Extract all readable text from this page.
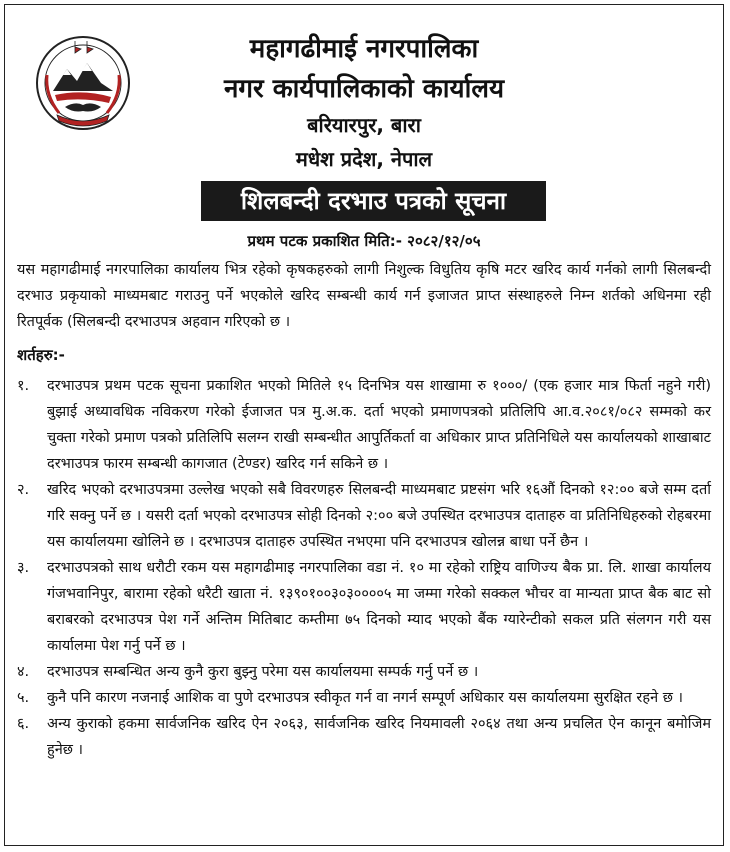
महागढीमाई नगरपालिका
नगर कार्यपालिकाको कार्यालय
बरियारपुर, बारा
मधेश प्रदेश, नेपाल
शिलबन्दी दरभाउ पत्रको सूचना
प्रथम पटक प्रकाशित मिति:- २०८२/१२/०५
यस महागढीमाई नगरपालिका कार्यालय भित्र रहेको कृषकहरुको लागी निशुल्क विधुतिय कृषि मटर खरिद कार्य गर्नको लागी सिलबन्दी दरभाउ प्रकृयाको माध्यमबाट गराउनु पर्ने भएकोले खरिद सम्बन्धी कार्य गर्न इजाजत प्राप्त संस्थाहरुले निम्न शर्तको अधिनमा रही रितपूर्वक (सिलबन्दी दरभाउपत्र अहवान गरिएको छ ।
शर्तहरु:-
१.	दरभाउपत्र प्रथम पटक सूचना प्रकाशित भएको मितिले १५ दिनभित्र यस शाखामा रु १०००/ (एक हजार मात्र फिर्ता नहुने गरी) बुझाई अध्यावधिक नविकरण गरेको ईजाजत पत्र मु.अ.क. दर्ता भएको प्रमाणपत्रको प्रतिलिपि आ.व.२०८१/०८२ सम्मको कर चुक्ता गरेको प्रमाण पत्रको प्रतिलिपि सलग्न राखी सम्बन्धीत आपुर्तिकर्ता वा अधिकार प्राप्त प्रतिनिधिले यस कार्यालयको शाखाबाट दरभाउपत्र फारम सम्बन्धी कागजात (टेण्डर) खरिद गर्न सकिने छ ।
२.	खरिद भएको दरभाउपत्रमा उल्लेख भएको सबै विवरणहरु सिलबन्दी माध्यमबाट प्रष्टसंग भरि १६औं दिनको १२:०० बजे सम्म दर्ता गरि सक्नु पर्ने छ । यसरी दर्ता भएको दरभाउपत्र सोही दिनको २:०० बजे उपस्थित दरभाउपत्र दाताहरु वा प्रतिनिधिहरुको रोहबरमा यस कार्यालयमा खोलिने छ । दरभाउपत्र दाताहरु उपस्थित नभएमा पनि दरभाउपत्र खोलन्न बाधा पर्ने छैन ।
३.	दरभाउपत्रको साथ धरौटी रकम यस महागढीमाइ नगरपालिका वडा नं. १० मा रहेको राष्ट्रिय वाणिज्य बैक प्रा. लि. शाखा कार्यालय गंजभवानिपुर, बारामा रहेको धरैटी खाता नं. १३९०१००३०३००००५ मा जम्मा गरेको सक्कल भौचर वा मान्यता प्राप्त बैक बाट सो बराबरको दरभाउपत्र पेश गर्ने अन्तिम मितिबाट कम्तीमा ७५ दिनको म्याद भएको बैंक ग्यारेन्टीको सकल प्रति संलगन गरी यस कार्यालमा पेश गर्नु पर्ने छ ।
४.	दरभाउपत्र सम्बन्धित अन्य कुनै कुरा बुझ्नु परेमा यस कार्यालयमा सम्पर्क गर्नु पर्ने छ ।
५.	कुनै पनि कारण नजनाई आशिक वा पुणे दरभाउपत्र स्वीकृत गर्न वा नगर्न सम्पूर्ण अधिकार यस कार्यालयमा सुरक्षित रहने छ ।
६.	अन्य कुराको हकमा सार्वजनिक खरिद ऐन २०६३, सार्वजनिक खरिद नियमावली २०६४ तथा अन्य प्रचलित ऐन कानून बमोजिम हुनेछ ।
